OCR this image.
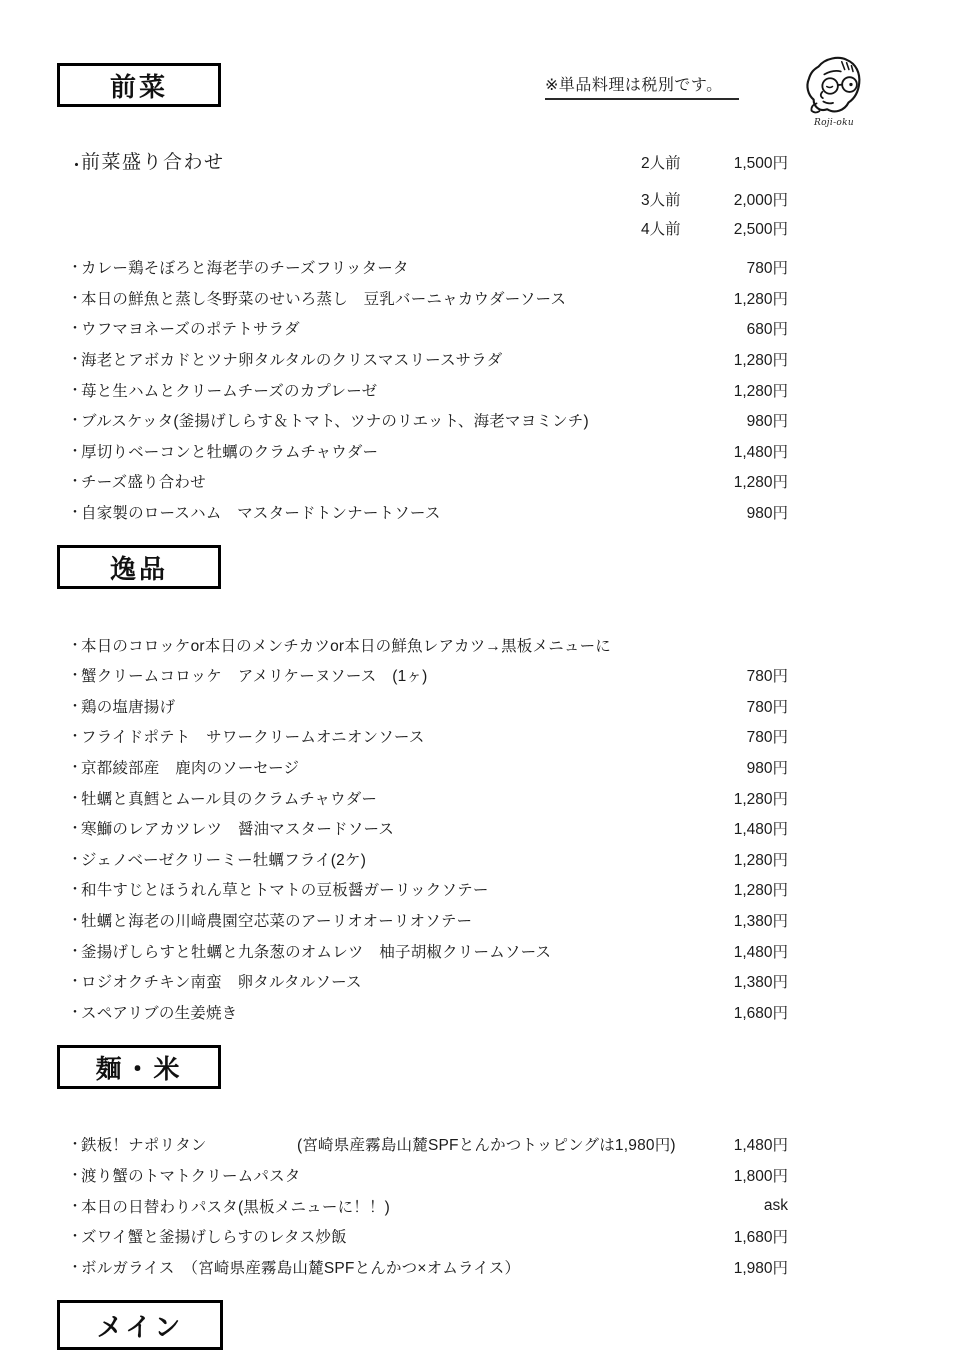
※単品料理は税別です。
Roji-oku
前菜
・
前菜盛り合わせ	2人前	1,500円
3人前	2,000円
4人前	2,500円
・ カレー鶏そぼろと海老芋のチーズフリッタータ	780円
・ 本日の鮮魚と蒸し冬野菜のせいろ蒸し　豆乳バーニャカウダーソース	1,280円
・ ウフマヨネーズのポテトサラダ	680円
・ 海老とアボカドとツナ卵タルタルのクリスマスリースサラダ	1,280円
・ 苺と生ハムとクリームチーズのカプレーゼ	1,280円
・ ブルスケッタ(釜揚げしらす＆トマト、ツナのリエット、海老マヨミンチ)	980円
・ 厚切りベーコンと牡蠣のクラムチャウダー	1,480円
・ チーズ盛り合わせ	1,280円
・ 自家製のロースハム　マスタードトンナートソース	980円
逸品
・ 本日のコロッケor本日のメンチカツor本日の鮮魚レアカツ→黒板メニューに
・ 蟹クリームコロッケ　アメリケーヌソース　(1ヶ)	780円
・ 鶏の塩唐揚げ	780円
・ フライドポテト　サワークリームオニオンソース	780円
・ 京都綾部産　鹿肉のソーセージ	980円
・ 牡蠣と真鱈とムール貝のクラムチャウダー	1,280円
・ 寒鰤のレアカツレツ　醤油マスタードソース	1,480円
・ ジェノベーゼクリーミー牡蠣フライ(2ケ)	1,280円
・ 和牛すじとほうれん草とトマトの豆板醤ガーリックソテー	1,280円
・ 牡蠣と海老の川﨑農園空芯菜のアーリオオーリオソテー	1,380円
・ 釜揚げしらすと牡蠣と九条葱のオムレツ　柚子胡椒クリームソース	1,480円
・ ロジオクチキン南蛮　卵タルタルソース	1,380円
・ スペアリブの生姜焼き	1,680円
麺・米
・ 鉄板！ナポリタン	(宮崎県産霧島山麓SPFとんかつトッピングは1,980円)	1,480円
・ 渡り蟹のトマトクリームパスタ	1,800円
・ 本日の日替わりパスタ(黒板メニューに！！)	ask
・ ズワイ蟹と釜揚げしらすのレタス炒飯	1,680円
・ ボルガライス　（宮崎県産霧島山麓SPFとんかつ×オムライス）	1,980円
メイン
